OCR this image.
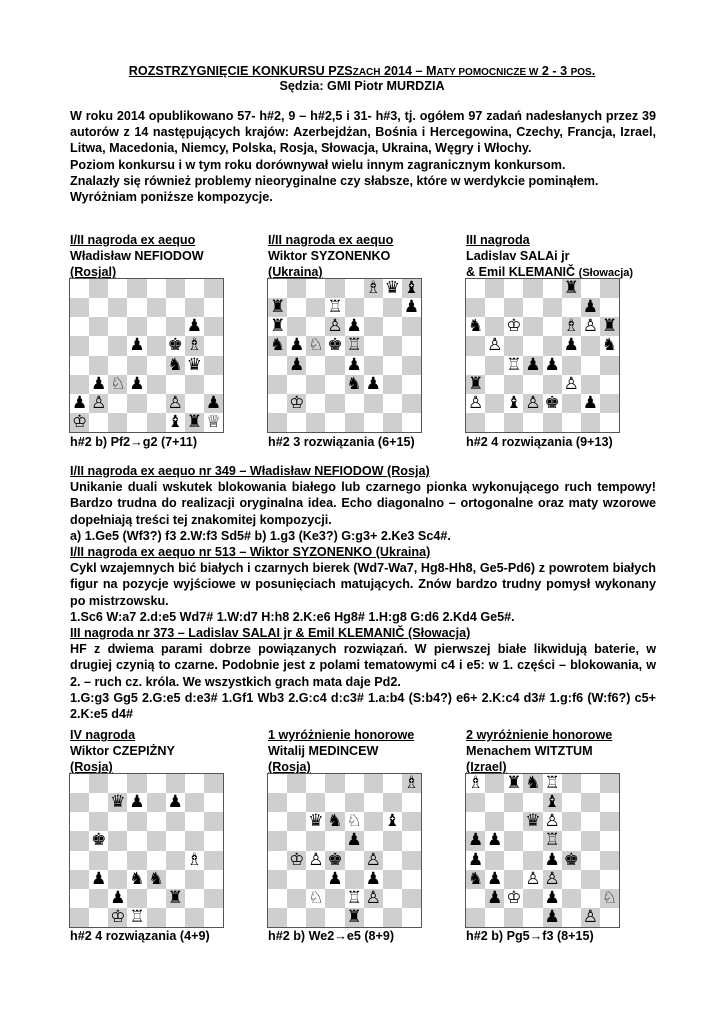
ROZSTRZYGNIĘCIE KONKURSU PZSZACH 2014 – MATY POMOCNICZE W 2 - 3 POS.
Sędzia: GMI Piotr MURDZIA

W roku 2014 opublikowano 57- h#2, 9 – h#2,5 i 31- h#3, tj. ogółem 97 zadań nadesłanych przez 39 autorów z 14 następujących krajów: Azerbejdżan, Bośnia i Hercegowina, Czechy, Francja, Izrael, Litwa, Macedonia, Niemcy, Polska, Rosja, Słowacja, Ukraina, Węgry i Włochy.

Poziom konkursu i w tym roku dorównywał wielu innym zagranicznym konkursom.

Znalazły się również problemy nieoryginalne czy słabsze, które w werdykcie pominąłem.

Wyróżniam poniższe kompozycje.

I/II nagroda ex aequo
Władisław NEFIODOW
(Rosjal)
♟
♟ ♚ ♗
♞ ♛
♟ ♘ ♟
♟ ♙	♙ ♟
♔	♝ ♜ ♕
h#2 b) Pf2→g2 (7+11)
I/II nagroda ex aequo
Wiktor SYZONENKO
(Ukraina)
♗ ♛ ♝
♜ ♖	♟
♜ ♙ ♟
♞ ♟ ♘ ♚ ♖
♟ ♟
♞ ♟
♔
h#2 3 rozwiązania (6+15)
III nagroda
Ladislav SALAi jr
& Emil KLEMANIČ (Słowacja)
♜
♟
♞ ♔ ♗ ♙ ♜
♙	♟ ♞
♖ ♟ ♟
♜	♙
♙ ♝ ♙ ♚ ♟
h#2 4 rozwiązania (9+13)
I/II nagroda ex aequo nr 349 – Władisław NEFIODOW (Rosja)

Unikanie duali wskutek blokowania białego lub czarnego pionka wykonującego ruch tempowy! Bardzo trudna do realizacji oryginalna idea. Echo diagonalno – ortogonalne oraz maty wzorowe dopełniają treści tej znakomitej kompozycji.

a) 1.Ge5 (Wf3?) f3 2.W:f3 Sd5# b) 1.g3 (Ke3?) G:g3+ 2.Ke3 Sc4#.
I/II nagroda ex aequo nr 513 – Wiktor SYZONENKO (Ukraina)

Cykl wzajemnych bić białych i czarnych bierek (Wd7-Wa7, Hg8-Hh8, Ge5-Pd6) z powrotem białych figur na pozycje wyjściowe w posunięciach matujących. Znów bardzo trudny pomysł wykonany po mistrzowsku.

1.Sc6 W:a7 2.d:e5 Wd7# 1.W:d7 H:h8 2.K:e6 Hg8# 1.H:g8 G:d6 2.Kd4 Ge5#.
III nagroda nr 373 – Ladislav SALAI jr & Emil KLEMANIČ (Słowacja)

HF z dwiema parami dobrze powiązanych rozwiązań. W pierwszej białe likwidują baterie, w drugiej czynią to czarne. Podobnie jest z polami tematowymi c4 i e5: w 1. części – blokowania, w 2. – ruch cz. króla. We wszystkich grach mata daje Pd2.

1.G:g3 Gg5 2.G:e5 d:e3# 1.Gf1 Wb3 2.G:c4 d:c3# 1.a:b4 (S:b4?) e6+ 2.K:c4 d3# 1.g:f6 (W:f6?) c5+ 2.K:e5 d4#

IV nagroda
Wiktor CZEPIŻNY
(Rosja)
♛ ♟ ♟
♚
♗
♟ ♞ ♞
♟ ♜
♔ ♖
h#2 4 rozwiązania (4+9)
1 wyróżnienie honorowe
Witalij MEDINCEW
(Rosja)
♗
♛ ♞ ♘ ♝
♟
♔ ♙ ♚ ♙
♟ ♟
♘ ♖ ♙
♜
h#2 b) We2→e5 (8+9)
2 wyróżnienie honorowe
Menachem WITZTUM
(Izrael)
♗ ♜ ♞ ♖
♝
♛ ♙
♟ ♟ ♖
♟	♟ ♚
♞ ♟ ♙ ♙
♟ ♔ ♟ ♘
♟ ♙
h#2 b) Pg5→f3 (8+15)
